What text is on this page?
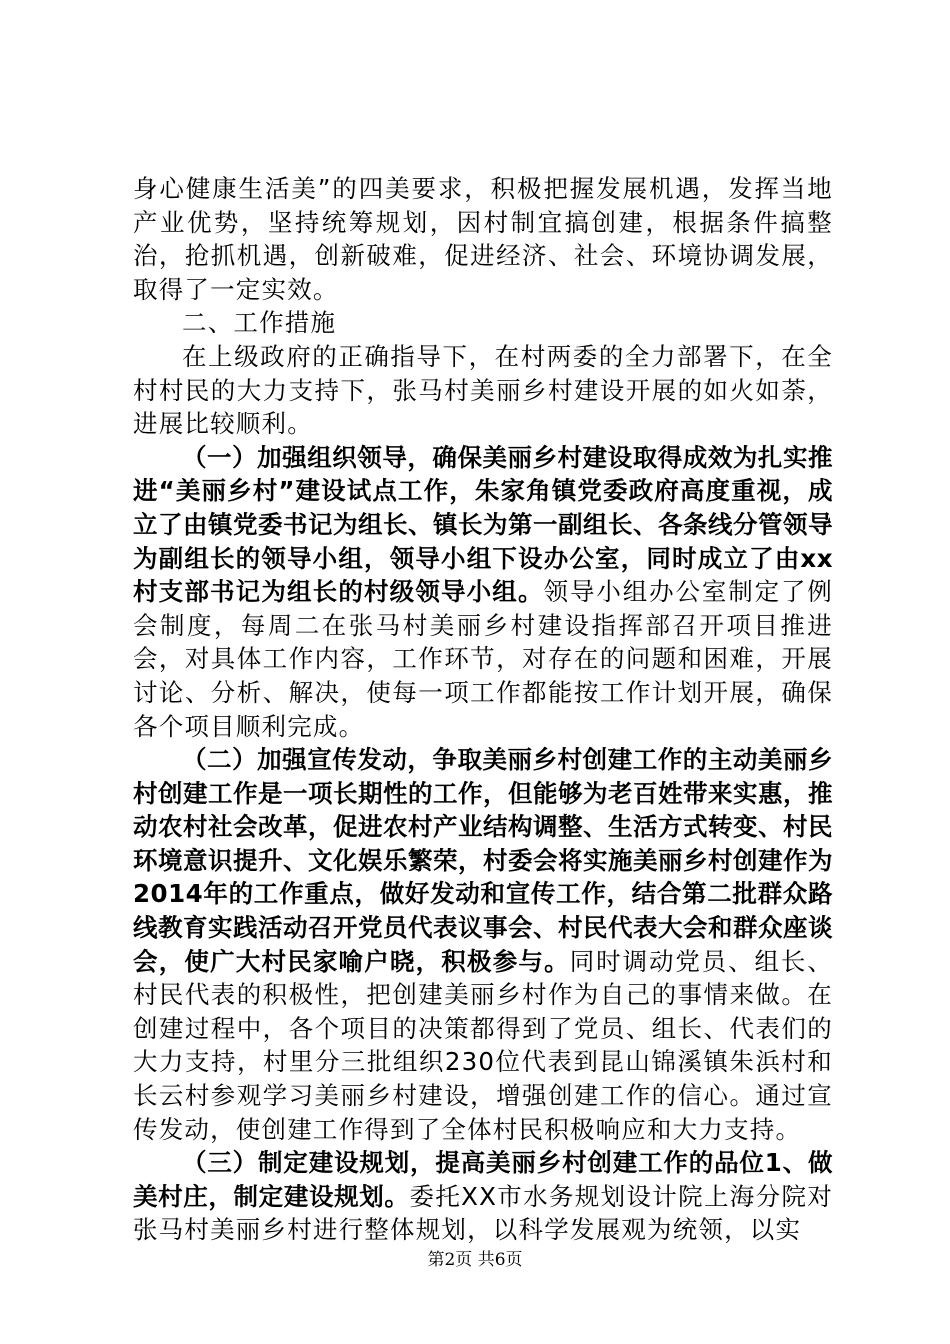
身心健康生活美”的四美要求，积极把握发展机遇，发挥当地产业优势，坚持统筹规划，因村制宜搞创建，根据条件搞整治，抢抓机遇，创新破难，促进经济、社会、环境协调发展，取得了一定实效。

二、工作措施

在上级政府的正确指导下，在村两委的全力部署下，在全村村民的大力支持下，张马村美丽乡村建设开展的如火如荼，进展比较顺利。

（一）加强组织领导，确保美丽乡村建设取得成效为扎实推进“美丽乡村”建设试点工作，朱家角镇党委政府高度重视，成立了由镇党委书记为组长、镇长为第一副组长、各条线分管领导为副组长的领导小组，领导小组下设办公室，同时成立了由xx村支部书记为组长的村级领导小组。领导小组办公室制定了例会制度，每周二在张马村美丽乡村建设指挥部召开项目推进会，对具体工作内容，工作环节，对存在的问题和困难，开展讨论、分析、解决，使每一项工作都能按工作计划开展，确保各个项目顺利完成。

（二）加强宣传发动，争取美丽乡村创建工作的主动美丽乡村创建工作是一项长期性的工作，但能够为老百姓带来实惠，推动农村社会改革，促进农村产业结构调整、生活方式转变、村民环境意识提升、文化娱乐繁荣，村委会将实施美丽乡村创建作为2014年的工作重点，做好发动和宣传工作，结合第二批群众路线教育实践活动召开党员代表议事会、村民代表大会和群众座谈会，使广大村民家喻户晓，积极参与。同时调动党员、组长、村民代表的积极性，把创建美丽乡村作为自己的事情来做。在创建过程中，各个项目的决策都得到了党员、组长、代表们的大力支持，村里分三批组织230位代表到昆山锦溪镇朱浜村和长云村参观学习美丽乡村建设，增强创建工作的信心。通过宣传发动，使创建工作得到了全体村民积极响应和大力支持。

（三）制定建设规划，提高美丽乡村创建工作的品位1、做美村庄，制定建设规划。委托XX市水务规划设计院上海分院对张马村美丽乡村进行整体规划，以科学发展观为统领，以实

第2页 共6页
